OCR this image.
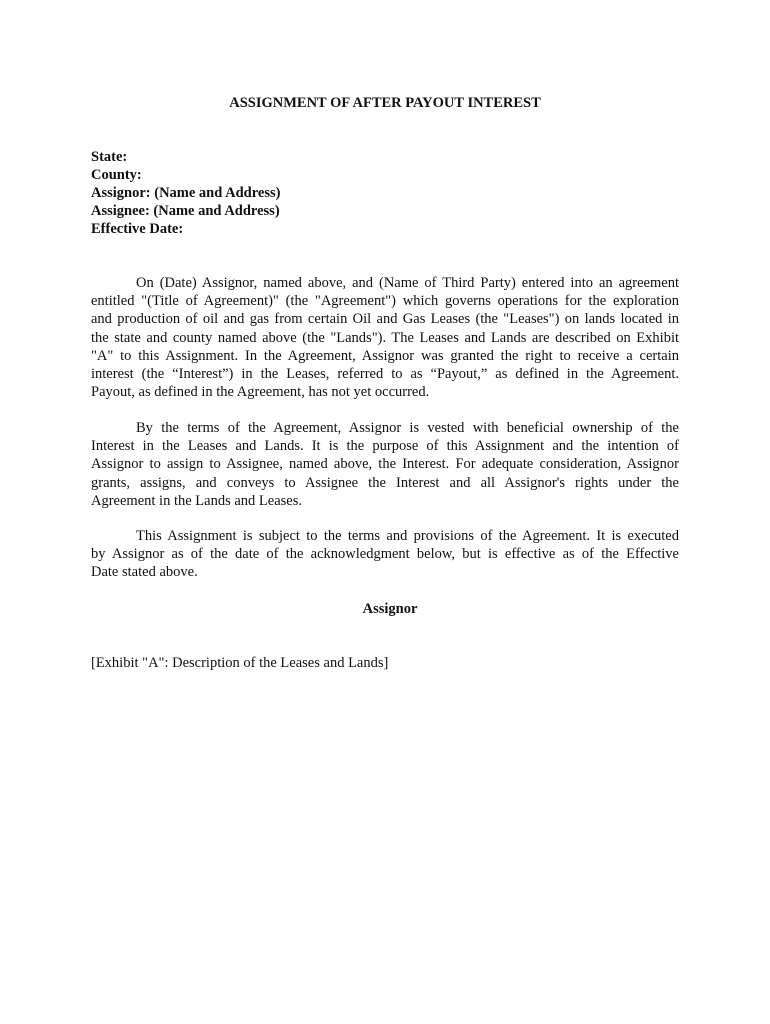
ASSIGNMENT OF AFTER PAYOUT INTEREST
State:
County:
Assignor: (Name and Address)
Assignee: (Name and Address)
Effective Date:
On (Date) Assignor, named above, and (Name of Third Party) entered into an agreement
entitled "(Title of Agreement)" (the "Agreement") which governs operations for the exploration
and production of oil and gas from certain Oil and Gas Leases (the "Leases") on lands located in
the state and county named above (the "Lands"). The Leases and Lands are described on Exhibit
"A" to this Assignment. In the Agreement, Assignor was granted the right to receive a certain
interest (the “Interest”) in the Leases, referred to as “Payout,” as defined in the Agreement.
Payout, as defined in the Agreement, has not yet occurred.
By the terms of the Agreement, Assignor is vested with beneficial ownership of the
Interest in the Leases and Lands. It is the purpose of this Assignment and the intention of
Assignor to assign to Assignee, named above, the Interest. For adequate consideration, Assignor
grants, assigns, and conveys to Assignee the Interest and all Assignor's rights under the
Agreement in the Lands and Leases.
This Assignment is subject to the terms and provisions of the Agreement. It is executed
by Assignor as of the date of the acknowledgment below, but is effective as of the Effective
Date stated above.
Assignor
[Exhibit "A": Description of the Leases and Lands]
